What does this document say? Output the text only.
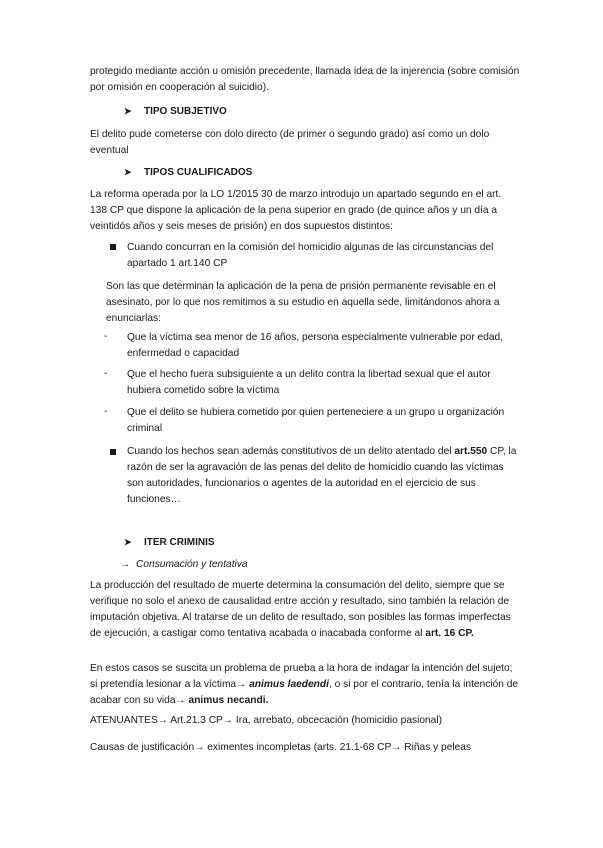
protegido mediante acción u omisión precedente, llamada idea de la injerencia (sobre comisión por omisión en cooperación al suicidio).

➤ TIPO SUBJETIVO

El delito pude cometerse con dolo directo (de primer o segundo grado) así como un dolo eventual

➤ TIPOS CUALIFICADOS

La reforma operada por la LO 1/2015 30 de marzo introdujo un apartado segundo en el art. 138 CP que dispone la aplicación de la pena superior en grado (de quince años y un día a veintidós años y seis meses de prisión) en dos supuestos distintos:

Cuando concurran en la comisión del homicidio algunas de las circunstancias del apartado 1 art.140 CP

Son las que determinan la aplicación de la pena de prisión permanente revisable en el asesinato, por lo que nos remitimos a su estudio en aquella sede, limitándonos ahora a enunciarlas:

- Que la víctima sea menor de 16 años, persona especialmente vulnerable por edad, enfermedad o capacidad

- Que el hecho fuera subsiguiente a un delito contra la libertad sexual que el autor hubiera cometido sobre la víctima

- Que el delito se hubiera cometido por quien perteneciere a un grupo u organización criminal

Cuando los hechos sean además constitutivos de un delito atentado del art.550 CP, la razón de ser la agravación de las penas del delito de homicidio cuando las víctimas son autoridades, funcionarios o agentes de la autoridad en el ejercicio de sus funciones…

➤ ITER CRIMINIS
→ Consumación y tentativa

La producción del resultado de muerte determina la consumación del delito, siempre que se verifique no solo el anexo de causalidad entre acción y resultado, sino también la relación de imputación objetiva. Al tratarse de un delito de resultado, son posibles las formas imperfectas de ejecución, a castigar como tentativa acabada o inacabada conforme al art. 16 CP.

En estos casos se suscita un problema de prueba a la hora de indagar la intención del sujeto; si pretendía lesionar a la víctima→ animus laedendi, o si por el contrario, tenía la intención de acabar con su vida→ animus necandi.

ATENUANTES→ Art.21.3 CP→ Ira, arrebato, obcecación (homicidio pasional)

Causas de justificación→ eximentes incompletas (arts. 21.1-68 CP→ Riñas y peleas
